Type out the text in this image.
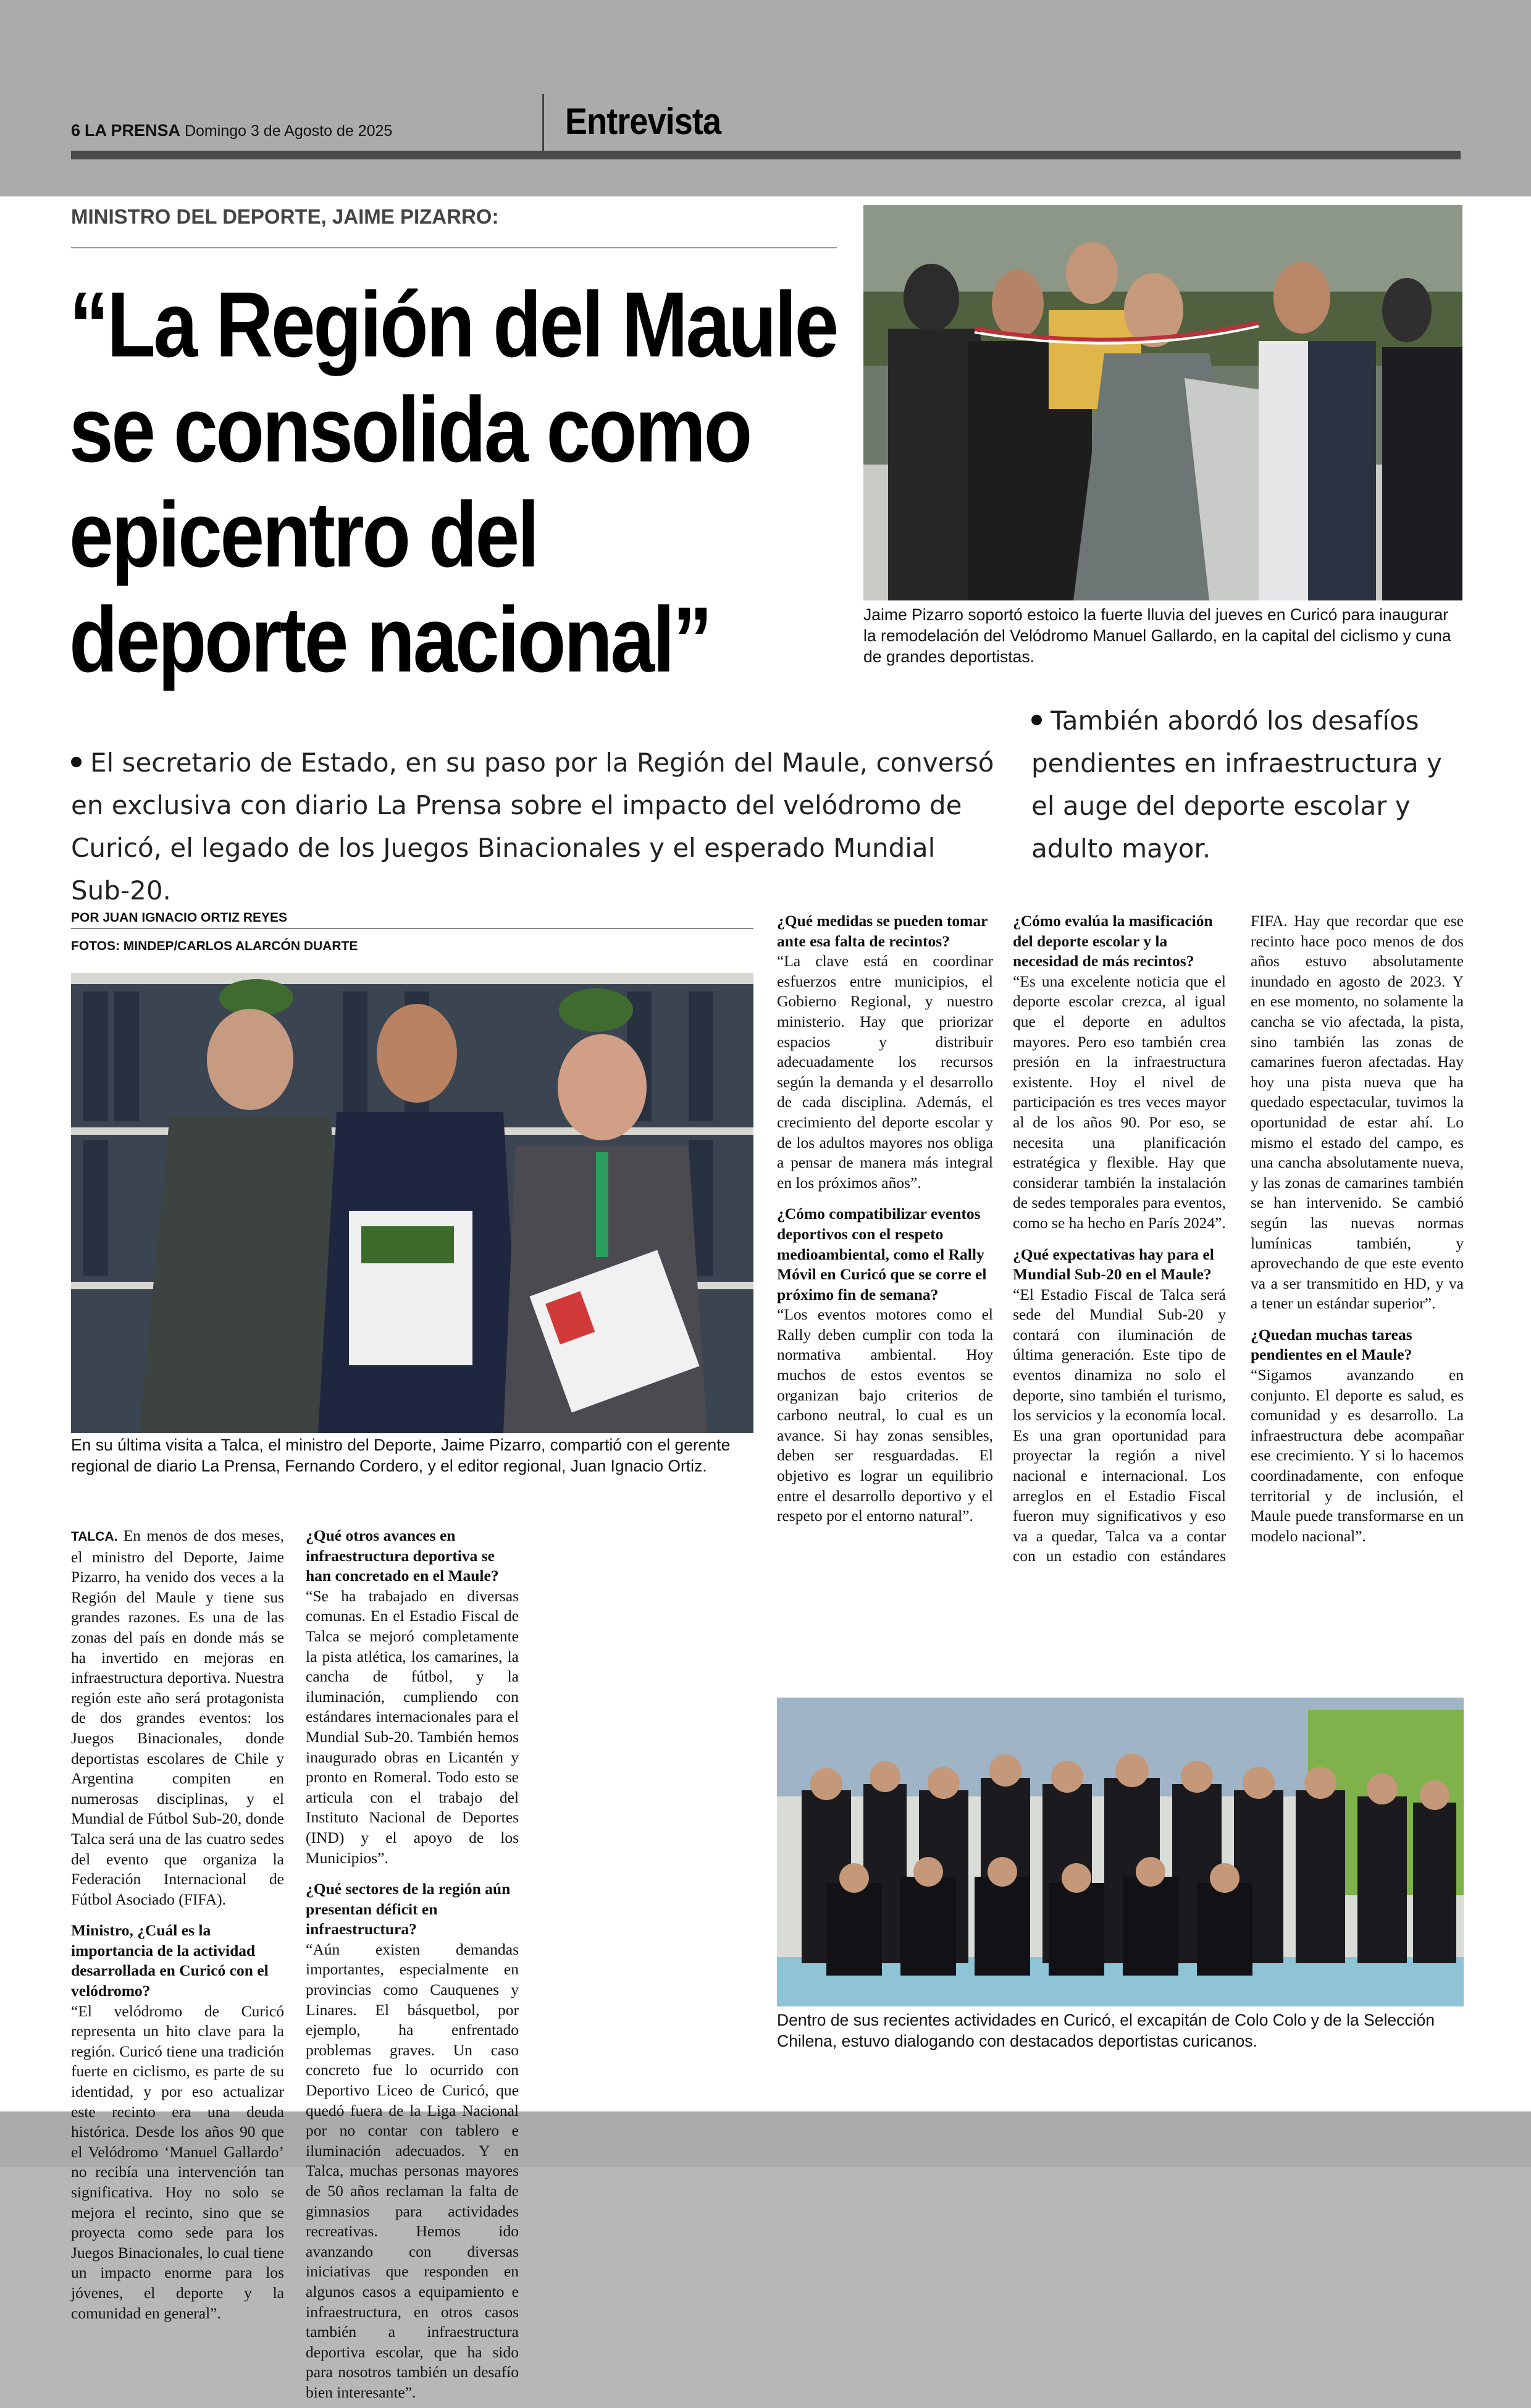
6 LA PRENSA Domingo 3 de Agosto de 2025	Entrevista
MINISTRO DEL DEPORTE, JAIME PIZARRO:
“La Región del Maule
se consolida como
epicentro del
deporte nacional”	Jaime Pizarro soportó estoico la fuerte lluvia del jueves en Curicó para inaugurar la remodelación del Velódromo Manuel Gallardo, en la capital del ciclismo y cuna de grandes deportistas.
El secretario de Estado, en su paso por la Región del Maule, conversó en exclusiva con diario La Prensa sobre el impacto del velódromo de Curicó, el legado de los Juegos Binacionales y el esperado Mundial Sub-20.
También abordó los desafíos pendientes en infraestructura y el auge del deporte escolar y adulto mayor.
POR JUAN IGNACIO ORTIZ REYES
FOTOS: MINDEP/CARLOS ALARCÓN DUARTE
En su última visita a Talca, el ministro del Deporte, Jaime Pizarro, compartió con el gerente regional de diario La Prensa, Fernando Cordero, y el editor regional, Juan Ignacio Ortiz.

TALCA. En menos de dos meses, el ministro del Deporte, Jaime Pizarro, ha venido dos veces a la Región del Maule y tiene sus grandes razones. Es una de las zonas del país en donde más se ha invertido en mejoras en infraestructura deportiva. Nuestra región este año será protagonista de dos grandes eventos: los Juegos Binacionales, donde deportistas escolares de Chile y Argentina compiten en numerosas disciplinas, y el Mundial de Fútbol Sub-20, donde Talca será una de las cuatro sedes del evento que organiza la Federación Internacional de Fútbol Asociado (FIFA).

Ministro, ¿Cuál es la importancia de la actividad desarrollada en Curicó con el velódromo?

“El velódromo de Curicó representa un hito clave para la región. Curicó tiene una tradición fuerte en ciclismo, es parte de su identidad, y por eso actualizar este recinto era una deuda histórica. Desde los años 90 que el Velódromo ‘Manuel Gallardo’ no recibía una intervención tan significativa. Hoy no solo se mejora el recinto, sino que se proyecta como sede para los Juegos Binacionales, lo cual tiene un impacto enorme para los jóvenes, el deporte y la comunidad en general”.

¿Qué otros avances en infraestructura deportiva se han concretado en el Maule?

“Se ha trabajado en diversas comunas. En el Estadio Fiscal de Talca se mejoró completamente la pista atlética, los camarines, la cancha de fútbol, y la iluminación, cumpliendo con estándares internacionales para el Mundial Sub-20. También hemos inaugurado obras en Licantén y pronto en Romeral. Todo esto se articula con el trabajo del Instituto Nacional de Deportes (IND) y el apoyo de los Municipios”.

¿Qué sectores de la región aún presentan déficit en infraestructura?

“Aún existen demandas importantes, especialmente en provincias como Cauquenes y Linares. El básquetbol, por ejemplo, ha enfrentado problemas graves. Un caso concreto fue lo ocurrido con Deportivo Liceo de Curicó, que quedó fuera de la Liga Nacional por no contar con tablero e iluminación adecuados. Y en Talca, muchas personas mayores de 50 años reclaman la falta de gimnasios para actividades recreativas. Hemos ido avanzando con diversas iniciativas que responden en algunos casos a equipamiento e infraestructura, en otros casos también a infraestructura deportiva escolar, que ha sido para nosotros también un desafío bien interesante”.

¿Qué medidas se pueden tomar ante esa falta de recintos?

“La clave está en coordinar esfuerzos entre municipios, el Gobierno Regional, y nuestro ministerio. Hay que priorizar espacios y distribuir adecuadamente los recursos según la demanda y el desarrollo de cada disciplina. Además, el crecimiento del deporte escolar y de los adultos mayores nos obliga a pensar de manera más integral en los próximos años”.

¿Cómo compatibilizar eventos deportivos con el respeto medioambiental, como el Rally Móvil en Curicó que se corre el próximo fin de semana?

“Los eventos motores como el Rally deben cumplir con toda la normativa ambiental. Hoy muchos de estos eventos se organizan bajo criterios de carbono neutral, lo cual es un avance. Si hay zonas sensibles, deben ser resguardadas. El objetivo es lograr un equilibrio entre el desarrollo deportivo y el respeto por el entorno natural”.

¿Cómo evalúa la masificación del deporte escolar y la necesidad de más recintos?

“Es una excelente noticia que el deporte escolar crezca, al igual que el deporte en adultos mayores. Pero eso también crea presión en la infraestructura existente. Hoy el nivel de participación es tres veces mayor al de los años 90. Por eso, se necesita una planificación estratégica y flexible. Hay que considerar también la instalación de sedes temporales para eventos, como se ha hecho en París 2024”.

¿Qué expectativas hay para el Mundial Sub-20 en el Maule?

“El Estadio Fiscal de Talca será sede del Mundial Sub-20 y contará con iluminación de última generación. Este tipo de eventos dinamiza no solo el deporte, sino también el turismo, los servicios y la economía local. Es una gran oportunidad para proyectar la región a nivel nacional e internacional. Los arreglos en el Estadio Fiscal fueron muy significativos y eso va a quedar, Talca va a contar con un estadio con estándares FIFA. Hay que recordar que ese recinto hace poco menos de dos años estuvo absolutamente inundado en agosto de 2023. Y en ese momento, no solamente la cancha se vio afectada, la pista, sino también las zonas de camarines fueron afectadas. Hay hoy una pista nueva que ha quedado espectacular, tuvimos la oportunidad de estar ahí. Lo mismo el estado del campo, es una cancha absolutamente nueva, y las zonas de camarines también se han intervenido. Se cambió según las nuevas normas lumínicas también, y aprovechando de que este evento va a ser transmitido en HD, y va a tener un estándar superior”.

¿Quedan muchas tareas pendientes en el Maule?

“Sigamos avanzando en conjunto. El deporte es salud, es comunidad y es desarrollo. La infraestructura debe acompañar ese crecimiento. Y si lo hacemos coordinadamente, con enfoque territorial y de inclusión, el Maule puede transformarse en un modelo nacional”.

Dentro de sus recientes actividades en Curicó, el excapitán de Colo Colo y de la Selección Chilena, estuvo dialogando con destacados deportistas curicanos.
